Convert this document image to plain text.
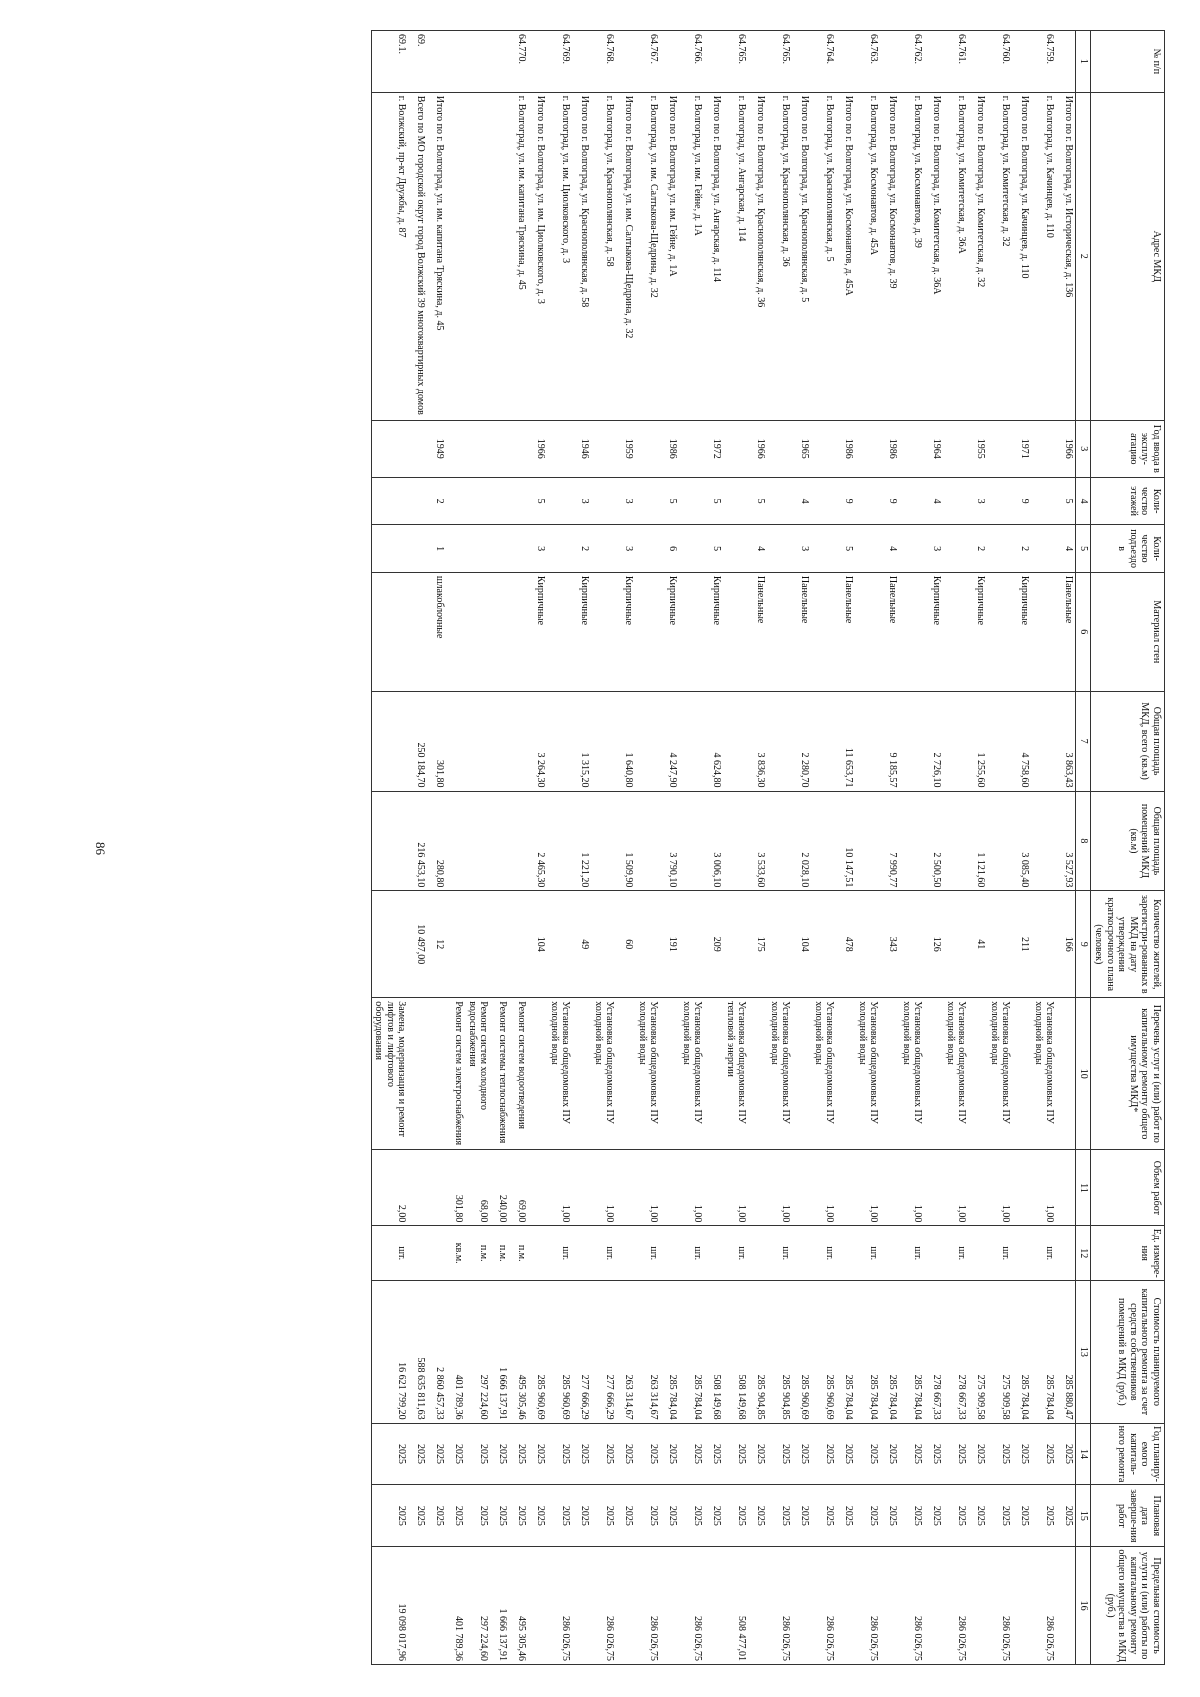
86
№ п/п	Адрес МКД	Год ввода в эксплу-атацию	Коли-чество этажей	Коли-чество подъездо в	Материал стен	Общая площадь МКД, всего (кв.м)	Общая площадь помещений МКД (кв.м)	Количество жителей, зарегистри-рованных в МКД на дату утверждения краткосрочного плана (человек)	Перечень услуг и (или) работ по капитальному ремонту общего имущества МКД*	Объем работ	Ед. измере-ния	Стоимость планируемого капитального ремонта за счет средств собственников помещений в МКД (руб.)	Год планиру-емого капиталь-ного ремонта	Плановая дата заверше-ния работ	Предельная стоимость услуги и (или) работы по капитальному ремонту общего имущества в МКД (руб.)
1	2	3	4	5	6	7	8	9	10	11	12	13	14	15	16
	Итого по г. Волгоград, ул. Историческая, д. 136	1966	5	4	Панельные	3 863,43	3 527,93	166				285 880,47	2025	2025	
64.759.	г. Волгоград, ул. Качинцев, д. 110								Установка общедомовых ПУ холодной воды	1,00	шт.	285 784,04	2025	2025	286 026,75
	Итого по г. Волгоград, ул. Качинцев, д. 110	1971	9	2	Кирпичные	4 758,60	3 085,40	211				285 784,04	2025	2025	
64.760.	г. Волгоград, ул. Комитетская, д. 32								Установка общедомовых ПУ холодной воды	1,00	шт.	275 909,58	2025	2025	286 026,75
	Итого по г. Волгоград, ул. Комитетская, д. 32	1955	3	2	Кирпичные	1 255,60	1 121,60	41				275 909,58	2025	2025	
64.761.	г. Волгоград, ул. Комитетская, д. 36А								Установка общедомовых ПУ холодной воды	1,00	шт.	278 667,33	2025	2025	286 026,75
	Итого по г. Волгоград, ул. Комитетская, д. 36А	1964	4	3	Кирпичные	2 726,10	2 500,50	126				278 667,33	2025	2025	
64.762.	г. Волгоград, ул. Космонавтов, д. 39								Установка общедомовых ПУ холодной воды	1,00	шт.	285 784,04	2025	2025	286 026,75
	Итого по г. Волгоград, ул. Космонавтов, д. 39	1986	9	4	Панельные	9 185,57	7 990,77	343				285 784,04	2025	2025	
64.763.	г. Волгоград, ул. Космонавтов, д. 45А								Установка общедомовых ПУ холодной воды	1,00	шт.	285 784,04	2025	2025	286 026,75
	Итого по г. Волгоград, ул. Космонавтов, д. 45А	1986	9	5	Панельные	11 653,71	10 147,51	478				285 784,04	2025	2025	
64.764.	г. Волгоград, ул. Краснополянская, д. 5								Установка общедомовых ПУ холодной воды	1,00	шт.	285 960,69	2025	2025	286 026,75
	Итого по г. Волгоград, ул. Краснополянская, д. 5	1965	4	3	Панельные	2 280,70	2 028,10	104				285 960,69	2025	2025	
64.765.	г. Волгоград, ул. Краснополянская, д. 36								Установка общедомовых ПУ холодной воды	1,00	шт.	285 904,85	2025	2025	286 026,75
	Итого по г. Волгоград, ул. Краснополянская, д. 36	1966	5	4	Панельные	3 836,30	3 533,60	175				285 904,85	2025	2025	
64.765.	г. Волгоград, ул. Ангарская, д. 114								Установка общедомовых ПУ тепловой энергии	1,00	шт.	508 149,68	2025	2025	508 477,01
	Итого по г. Волгоград, ул. Ангарская, д. 114	1972	5	5	Кирпичные	4 624,80	3 006,10	209				508 149,68	2025	2025	
64.766.	г. Волгоград, ул. им. Гейне, д. 1А								Установка общедомовых ПУ холодной воды	1,00	шт.	285 784,04	2025	2025	286 026,75
	Итого по г. Волгоград, ул. им. Гейне, д. 1А	1986	5	6	Кирпичные	4 247,90	3 790,10	191				285 784,04	2025	2025	
64.767.	г. Волгоград, ул. им. Салтыкова-Щедрина, д. 32								Установка общедомовых ПУ холодной воды	1,00	шт.	263 314,67	2025	2025	286 026,75
	Итого по г. Волгоград, ул. им. Салтыкова-Щедрина, д. 32	1959	3	3	Кирпичные	1 640,80	1 509,90	60				263 314,67	2025	2025	
64.768.	г. Волгоград, ул. Краснополянская, д. 58								Установка общедомовых ПУ холодной воды	1,00	шт.	277 666,29	2025	2025	286 026,75
	Итого по г. Волгоград, ул. Краснополянская, д. 58	1946	3	2	Кирпичные	1 315,20	1 221,20	49				277 666,29	2025	2025	
64.769.	г. Волгоград, ул. им. Циолковского, д. 3								Установка общедомовых ПУ холодной воды	1,00	шт.	285 960,69	2025	2025	286 026,75
	Итого по г. Волгоград, ул. им. Циолковского, д. 3	1966	5	3	Кирпичные	3 264,30	2 465,30	104				285 960,69	2025	2025	
64.770.	г. Волгоград, ул. им. капитана Тряскина, д. 45								Ремонт систем водоотведения	69,00	п.м.	495 305,46	2025	2025	495 305,46
									Ремонт системы теплоснабжения	240,00	п.м.	1 666 137,91	2025	2025	1 666 137,91
									Ремонт систем холодного водоснабжения	68,00	п.м.	297 224,60	2025	2025	297 224,60
									Ремонт систем электроснабжения	301,80	кв.м.	401 789,36	2025	2025	401 789,36
	Итого по г. Волгоград, ул. им. капитана Тряскина, д. 45	1949	2	1	шлакоблочные	301,80	280,80	12				2 860 457,33	2025	2025	
69.	Всего по МО городской округ город Волжский 39 многоквартирных домов					250 184,70	216 453,10	10 497,00				588 635 811,63	2025	2025	
69.1.	г. Волжский, пр-кт Дружбы, д. 87								Замена, модернизация и ремонт лифтов и лифтового оборудования	2,00	шт.	16 621 799,20	2025	2025	19 098 017,96
